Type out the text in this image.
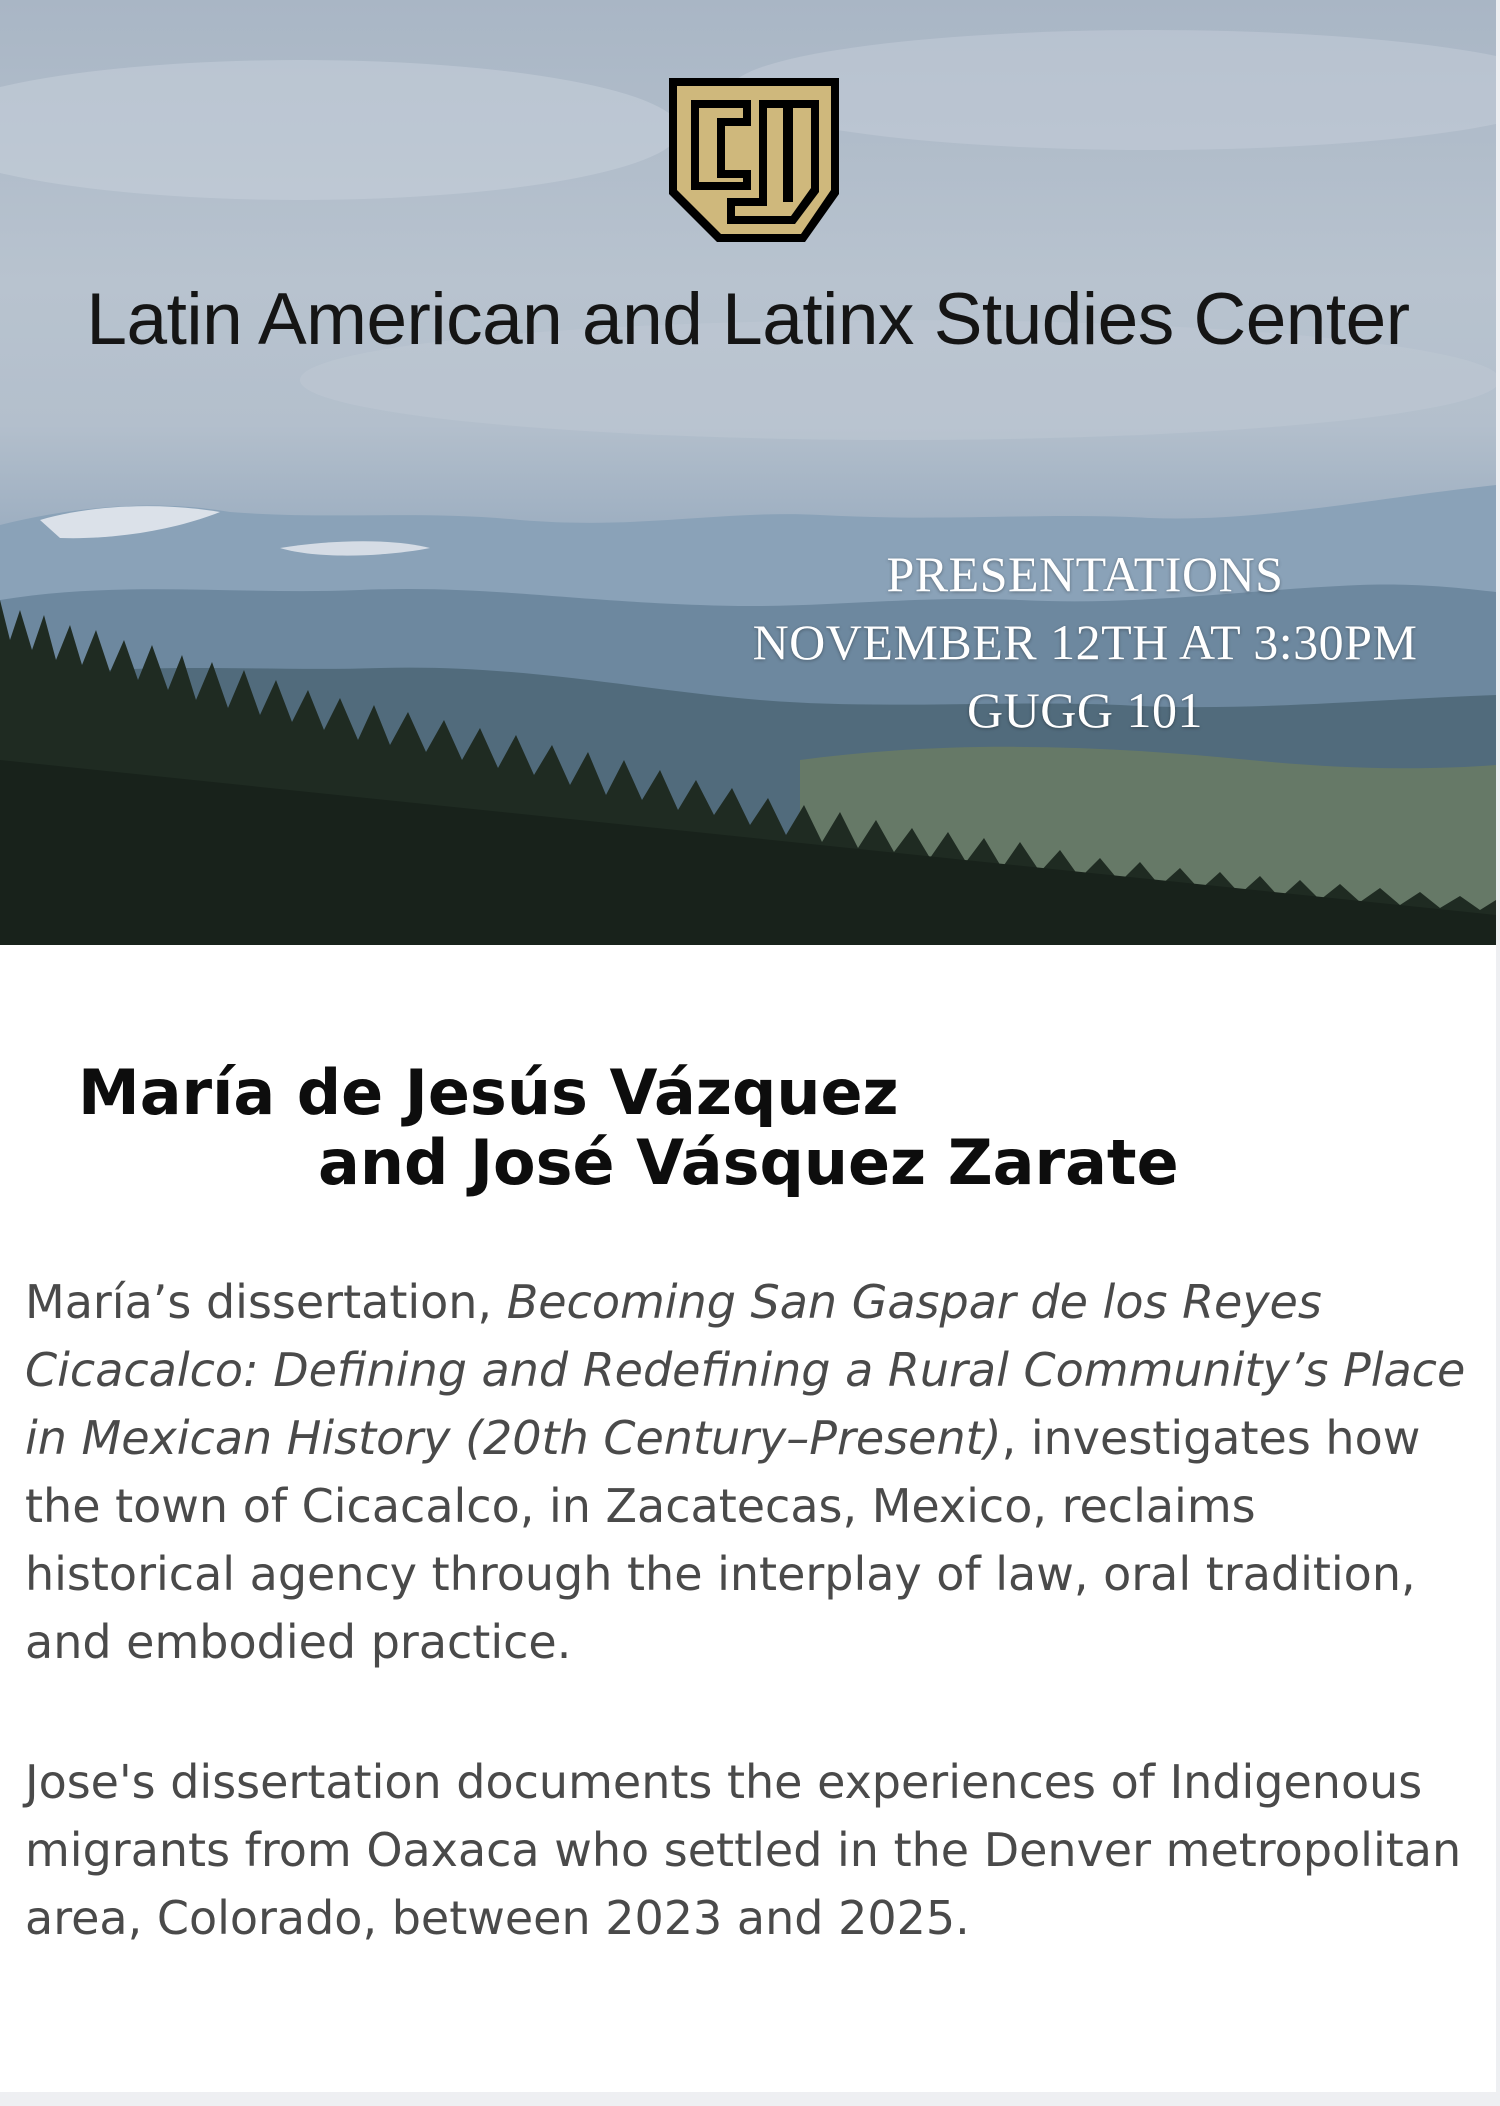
Latin American and Latinx Studies Center
PRESENTATIONS
NOVEMBER 12TH AT 3:30PM
GUGG 101
María de Jesús Vázquez
and José Vásquez Zarate
María’s dissertation, Becoming San Gaspar de los Reyes Cicacalco: Defining and Redefining a Rural Community’s Place in Mexican History (20th Century–Present), investigates how the town of Cicacalco, in Zacatecas, Mexico, reclaims historical agency through the interplay of law, oral tradition, and embodied practice.
Jose's dissertation documents the experiences of Indigenous migrants from Oaxaca who settled in the Denver metropolitan area, Colorado, between 2023 and 2025.
